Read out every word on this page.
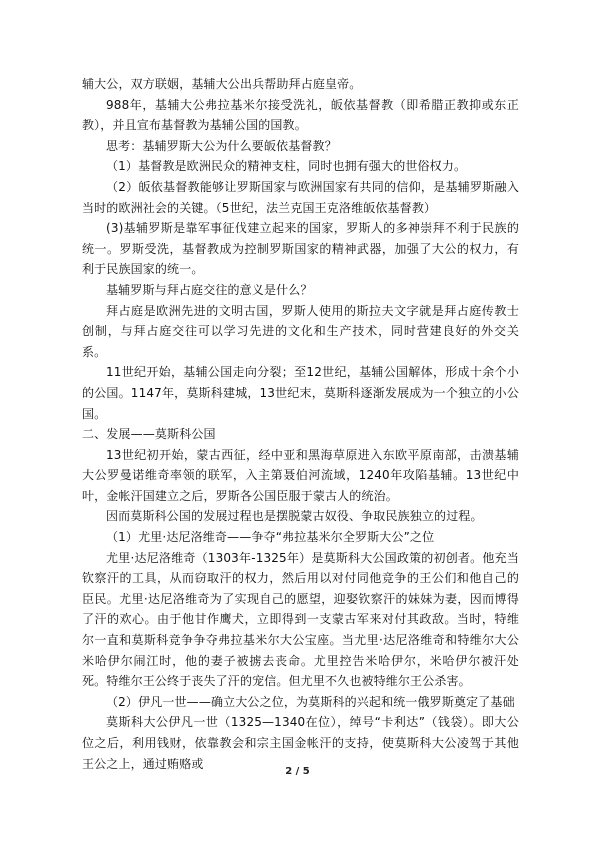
辅大公，双方联姻，基辅大公出兵帮助拜占庭皇帝。

988年，基辅大公弗拉基米尔接受洗礼，皈依基督教（即希腊正教抑或东正教），并且宣布基督教为基辅公国的国教。

思考：基辅罗斯大公为什么要皈依基督教？

（1）基督教是欧洲民众的精神支柱，同时也拥有强大的世俗权力。

（2）皈依基督教能够让罗斯国家与欧洲国家有共同的信仰，是基辅罗斯融入当时的欧洲社会的关键。（5世纪，法兰克国王克洛维皈依基督教）

(3)基辅罗斯是靠军事征伐建立起来的国家，罗斯人的多神崇拜不利于民族的统一。罗斯受洗，基督教成为控制罗斯国家的精神武器，加强了大公的权力，有利于民族国家的统一。

基辅罗斯与拜占庭交往的意义是什么？

拜占庭是欧洲先进的文明古国，罗斯人使用的斯拉夫文字就是拜占庭传教士创制，与拜占庭交往可以学习先进的文化和生产技术，同时营建良好的外交关系。

11世纪开始，基辅公国走向分裂；至12世纪，基辅公国解体，形成十余个小的公国。1147年，莫斯科建城，13世纪末，莫斯科逐渐发展成为一个独立的小公国。

二、发展——莫斯科公国

13世纪初开始，蒙古西征，经中亚和黑海草原进入东欧平原南部，击溃基辅大公罗曼诺维奇率领的联军，入主第聂伯河流域，1240年攻陷基辅。13世纪中叶，金帐汗国建立之后，罗斯各公国臣服于蒙古人的统治。

因而莫斯科公国的发展过程也是摆脱蒙古奴役、争取民族独立的过程。

（1）尤里·达尼洛维奇——争夺“弗拉基米尔全罗斯大公”之位

尤里·达尼洛维奇（1303年-1325年）是莫斯科大公国政策的初创者。他充当钦察汗的工具，从而窃取汗的权力，然后用以对付同他竞争的王公们和他自己的臣民。尤里·达尼洛维奇为了实现自己的愿望，迎娶钦察汗的妹妹为妻，因而博得了汗的欢心。由于他甘作鹰犬，立即得到一支蒙古军来对付其政敌。当时，特维尔一直和莫斯科竞争争夺弗拉基米尔大公宝座。当尤里·达尼洛维奇和特维尔大公米哈伊尔闹江时，他的妻子被掳去丧命。尤里控告米哈伊尔，米哈伊尔被汗处死。特维尔王公终于丧失了汗的宠信。但尤里不久也被特维尔王公杀害。

（2）伊凡一世——确立大公之位，为莫斯科的兴起和统一俄罗斯奠定了基础

莫斯科大公伊凡一世（1325—1340在位），绰号“卡利达”（钱袋）。即大公位之后，利用钱财，依靠教会和宗主国金帐汗的支持，使莫斯科大公凌驾于其他王公之上，通过贿赂或

2 / 5
